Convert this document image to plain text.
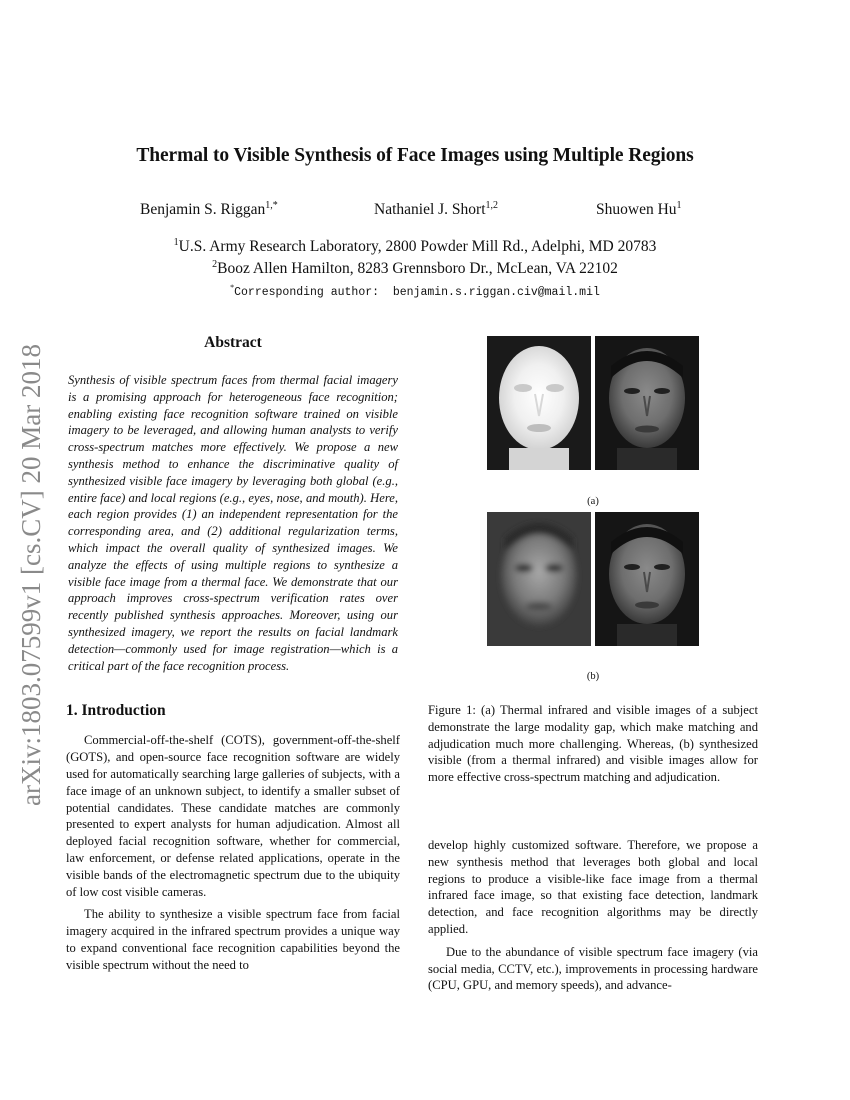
arXiv:1803.07599v1 [cs.CV] 20 Mar 2018
Thermal to Visible Synthesis of Face Images using Multiple Regions
Benjamin S. Riggan$^{1,*}$	Nathaniel J. Short$^{1,2}$	Shuowen Hu$^1$
$^1$U.S. Army Research Laboratory, 2800 Powder Mill Rd., Adelphi, MD 20783
$^2$Booz Allen Hamilton, 8283 Grennsboro Dr., McLean, VA 22102
*Corresponding author:  benjamin.s.riggan.civ@mail.mil
Abstract

Synthesis of visible spectrum faces from thermal facial imagery is a promising approach for heterogeneous face recognition; enabling existing face recognition software trained on visible imagery to be leveraged, and allowing human analysts to verify cross-spectrum matches more effectively. We propose a new synthesis method to enhance the discriminative quality of synthesized visible face imagery by leveraging both global (e.g., entire face) and local regions (e.g., eyes, nose, and mouth). Here, each region provides (1) an independent representation for the corresponding area, and (2) additional regularization terms, which impact the overall quality of synthesized images. We analyze the effects of using multiple regions to synthesize a visible face image from a thermal face. We demonstrate that our approach improves cross-spectrum verification rates over recently published synthesis approaches. Moreover, using our synthesized imagery, we report the results on facial landmark detection—commonly used for image registration—which is a critical part of the face recognition process.

1. Introduction

Commercial-off-the-shelf (COTS), government-off-the-shelf (GOTS), and open-source face recognition software are widely used for automatically searching large galleries of subjects, with a face image of an unknown subject, to identify a smaller subset of potential candidates. These candidate matches are commonly presented to expert analysts for human adjudication. Almost all deployed facial recognition software, whether for commercial, law enforcement, or defense related applications, operate in the visible bands of the electromagnetic spectrum due to the ubiquity of low cost visible cameras.

The ability to synthesize a visible spectrum face from facial imagery acquired in the infrared spectrum provides a unique way to expand conventional face recognition capabilities beyond the visible spectrum without the need to

(a)
(b)
Figure 1: (a) Thermal infrared and visible images of a subject demonstrate the large modality gap, which make matching and adjudication much more challenging. Whereas, (b) synthesized visible (from a thermal infrared) and visible images allow for more effective cross-spectrum matching and adjudication.

develop highly customized software. Therefore, we propose a new synthesis method that leverages both global and local regions to produce a visible-like face image from a thermal infrared face image, so that existing face detection, landmark detection, and face recognition algorithms may be directly applied.

Due to the abundance of visible spectrum face imagery (via social media, CCTV, etc.), improvements in processing hardware (CPU, GPU, and memory speeds), and advance-
